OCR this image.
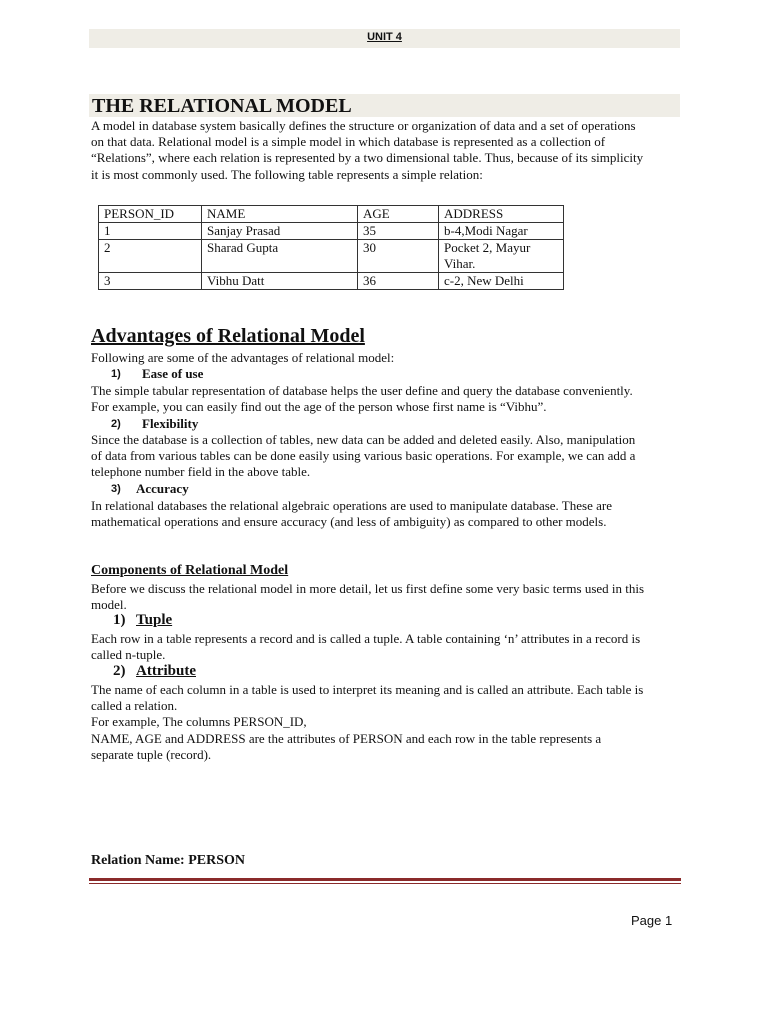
UNIT 4
THE RELATIONAL MODEL
A model in database system basically defines the structure or organization of data and a set of operations
on that data. Relational model is a simple model in which database is represented as a collection of
“Relations”, where each relation is represented by a two dimensional table. Thus, because of its simplicity
it is most commonly used. The following table represents a simple relation:
PERSON_ID	NAME	AGE	ADDRESS
1	Sanjay Prasad	35	b-4,Modi Nagar
2	Sharad Gupta	30	Pocket 2, Mayur Vihar.
3	Vibhu Datt	36	c-2, New Delhi
Advantages of Relational Model
Following are some of the advantages of relational model:
1) Ease of use
The simple tabular representation of database helps the user define and query the database conveniently.
For example, you can easily find out the age of the person whose first name is “Vibhu”.
2) Flexibility
Since the database is a collection of tables, new data can be added and deleted easily. Also, manipulation
of data from various tables can be done easily using various basic operations. For example, we can add a
telephone number field in the above table.
3) Accuracy
In relational databases the relational algebraic operations are used to manipulate database. These are
mathematical operations and ensure accuracy (and less of ambiguity) as compared to other models.
Components of Relational Model
Before we discuss the relational model in more detail, let us first define some very basic terms used in this
model.
1) Tuple
Each row in a table represents a record and is called a tuple. A table containing ‘n’ attributes in a record is
called n-tuple.
2) Attribute
The name of each column in a table is used to interpret its meaning and is called an attribute. Each table is
called a relation.
For example, The columns PERSON_ID,
NAME, AGE and ADDRESS are the attributes of PERSON and each row in the table represents a
separate tuple (record).
Relation Name: PERSON
Page 1
